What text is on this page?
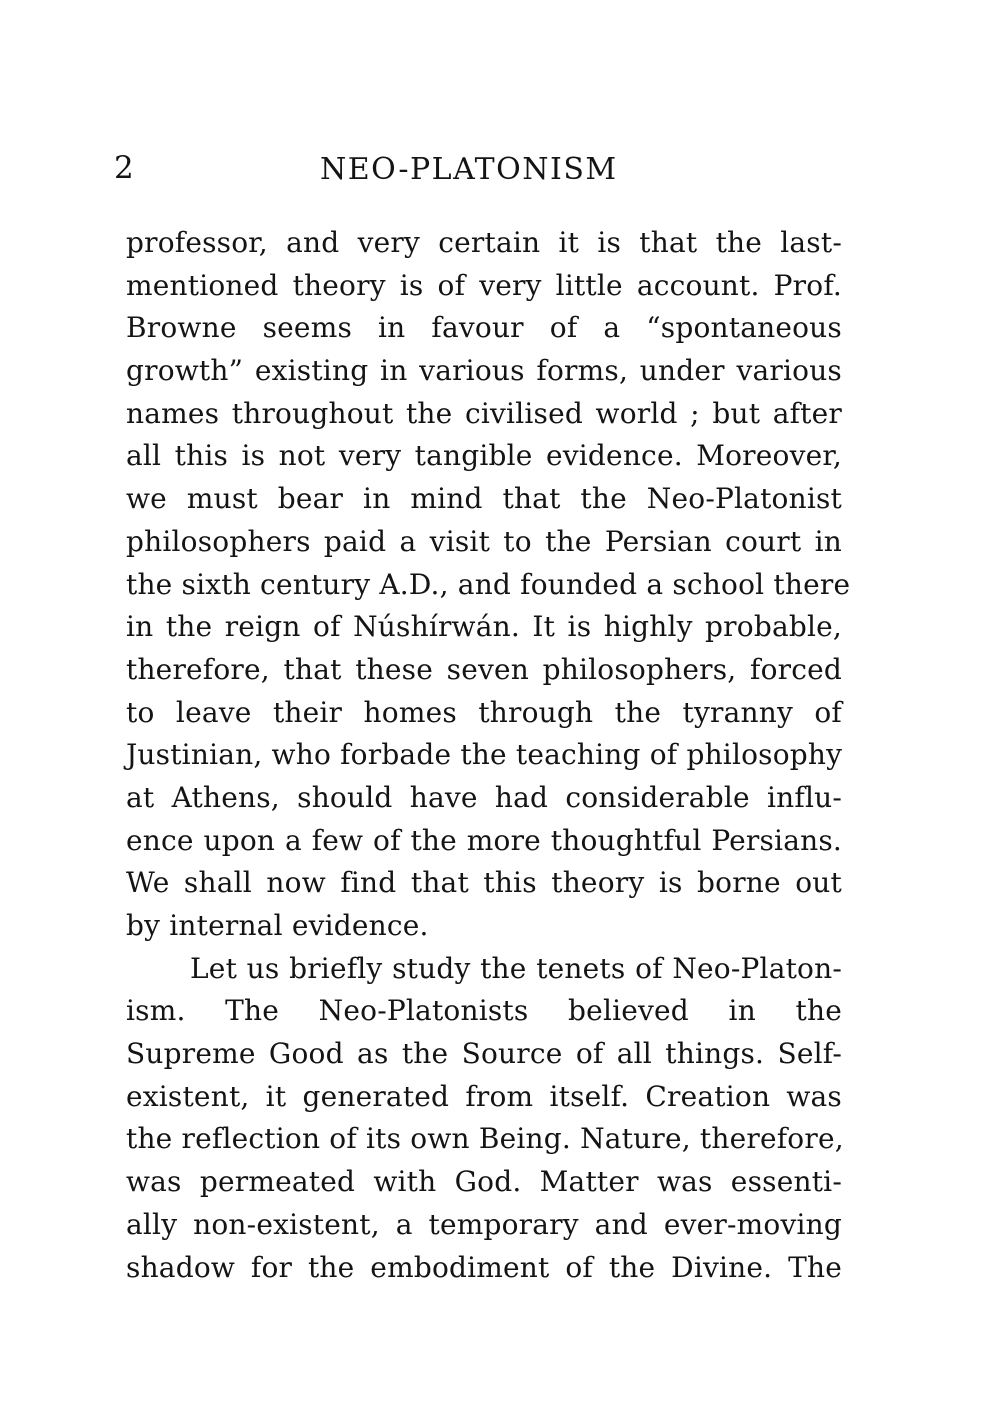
2	NEO-PLATONISM
professor, and very certain it is that the last-
mentioned theory is of very little account. Prof.
Browne seems in favour of a “spontaneous
growth” existing in various forms, under various
names throughout the civilised world ; but after
all this is not very tangible evidence. Moreover,
we must bear in mind that the Neo-Platonist
philosophers paid a visit to the Persian court in
the sixth century A.D., and founded a school there
in the reign of Núshírwán. It is highly probable,
therefore, that these seven philosophers, forced
to leave their homes through the tyranny of
Justinian, who forbade the teaching of philosophy
at Athens, should have had considerable influ-
ence upon a few of the more thoughtful Persians.
We shall now find that this theory is borne out
by internal evidence.
Let us briefly study the tenets of Neo-Platon-
ism. The Neo-Platonists believed in the
Supreme Good as the Source of all things. Self-
existent, it generated from itself. Creation was
the reflection of its own Being. Nature, therefore,
was permeated with God. Matter was essenti-
ally non-existent, a temporary and ever-moving
shadow for the embodiment of the Divine. The
